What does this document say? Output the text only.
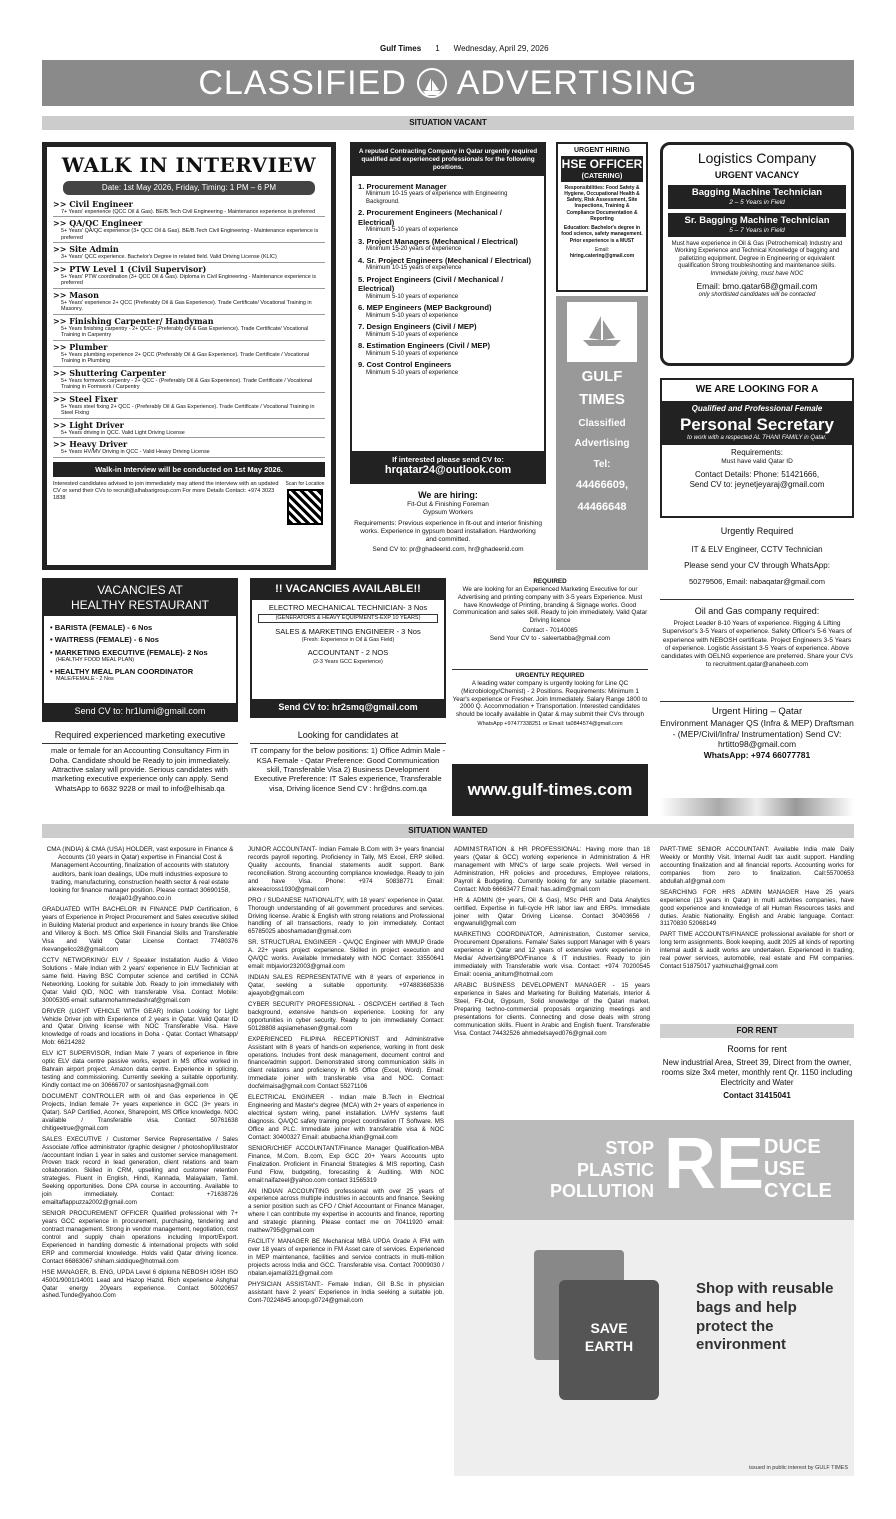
Gulf Times 1 Wednesday, April 29, 2026
CLASSIFIED ADVERTISING
SITUATION VACANT
WALK IN INTERVIEW
Date: 1st May 2026, Friday, Timing: 1 PM – 6 PM
>> Civil Engineer
7+ Years' experience (QCC Oil & Gas). BE/B.Tech Civil Engineering - Maintenance experience is preferred
>> QA/QC Engineer
5+ Years' QA/QC experience (3+ QCC Oil & Gas). BE/B.Tech Civil Engineering - Maintenance experience is preferred
>> Site Admin
3+ Years' QCC experience. Bachelor's Degree in related field. Valid Driving License (KLIC)
>> PTW Level 1 (Civil Supervisor)
5+ Years' PTW coordination (3+ QCC Oil & Gas). Diploma in Civil Engineering - Maintenance experience is preferred
>> Mason
5+ Years' experience 2+ QCC (Preferably Oil & Gas Experience). Trade Certificate/ Vocational Training in Masonry.
>> Finishing Carpenter/ Handyman
5+ Years finishing carpentry - 2+ QCC - (Preferably Oil & Gas Experience). Trade Certificate/ Vocational Training in Carpentry
>> Plumber
5+ Years plumbing experience 2+ QCC (Preferably Oil & Gas Experience). Trade Certificate / Vocational Training in Plumbing
>> Shuttering Carpenter
5+ Years formwork carpentry - 2+ QCC - (Preferably Oil & Gas Experience). Trade Certificate / Vocational Training in Formwork / Carpentry
>> Steel Fixer
5+ Years steel fixing 2+ QCC - (Preferably Oil & Gas Experience). Trade Certificate / Vocational Training in Steel Fixing
>> Light Driver
5+ Years driving in QCC. Valid Light Driving License
>> Heavy Driver
5+ Years HV/MV Driving in QCC - Valid Heavy Driving License
Walk-in Interview will be conducted on 1st May 2026.
Interested candidates advised to join immediately may attend the interview with an updated CV or send their CVs to recruit@alhabarigroup.com For more Details Contact: +974 3023 1838
Scan for Location
A reputed Contracting Company in Qatar urgently required qualified and experienced professionals for the following positions.
1. Procurement Manager
Minimum 10-15 years of experience with Engineering Background.
2. Procurement Engineers (Mechanical / Electrical)
Minimum 5-10 years of experience
3. Project Managers (Mechanical / Electrical)
Minimum 15-20 years of experience
4. Sr. Project Engineers (Mechanical / Electrical)
Minimum 10-15 years of experience
5. Project Engineers (Civil / Mechanical / Electrical)
Minimum 5-10 years of experience
6. MEP Engineers (MEP Background)
Minimum 5-10 years of experience
7. Design Engineers (Civil / MEP)
Minimum 5-10 years of experience
8. Estimation Engineers (Civil / MEP)
Minimum 5-10 years of experience
9. Cost Control Engineers
Minimum 5-10 years of experience
If interested please send CV to:
hrqatar24@outlook.com
We are hiring:
Fit-Out & Finishing Foreman
Gypsum Workers
Requirements: Previous experience in fit-out and interior finishing works. Experience in gypsum board installation. Hardworking and committed.
Send CV to: pr@ghadeerid.com, hr@ghadeerid.com
URGENT HIRING
HSE OFFICER
(CATERING)
Responsibilities: Food Safety & Hygiene, Occupational Health & Safety, Risk Assessment, Site Inspections, Training & Compliance Documentation & Reporting
Education: Bachelor's degree in food science, safety management. Prior experience is a MUST
Email:
hiring.catering@gmail.com
GULF
TIMES
Classified
Advertising
Tel:
44466609,
44466648
Logistics Company
URGENT VACANCY
Bagging Machine Technician
2 – 5 Years in Field
Sr. Bagging Machine Technician
5 – 7 Years in Field
Must have experience in Oil & Gas (Petrochemical) Industry and Working Experience and Technical Knowledge of bagging and palletizing equipment. Degree in Engineering or equivalent qualification Strong troubleshooting and maintenance skills.
Immediate joining, must have NOC
Email: bmo.qatar68@gmail.com
only shortlisted candidates will be contacted
WE ARE LOOKING FOR A
Qualified and Professional Female
Personal Secretary
to work with a respected AL THANI FAMILY in Qatar.
Requirements:
Must have valid Qatar ID
Contact Details: Phone: 51421666,
Send CV to: jeynetjeyaraj@gmail.com
Urgently Required
IT & ELV Engineer, CCTV Technician
Please send your CV through WhatsApp:
50279506, Email: nabaqatar@gmail.com
Oil and Gas company required:
Project Leader 8-10 Years of experience. Rigging & Lifting Supervisor's 3-5 Years of experience. Safety Officer's 5-6 Years of experience with NEBOSH certificate. Project Engineers 3-5 Years of experience. Logistic Assistant 3-5 Years of experience. Above candidates with OELNG experience are preferred. Share your CVs to recruitment.qatar@anaheeb.com
Urgent Hiring – Qatar
Environment Manager QS (Infra & MEP) Draftsman - (MEP/Civil/Infra/ Instrumentation) Send CV:
hrtitto98@gmail.com
WhatsApp: +974 66077781
VACANCIES AT
HEALTHY RESTAURANT
• BARISTA (FEMALE) - 6 Nos
• WAITRESS (FEMALE) - 6 Nos
• MARKETING EXECUTIVE (FEMALE)- 2 Nos
(HEALTHY FOOD MEAL PLAN)
• HEALTHY MEAL PLAN COORDINATOR
MALE/FEMALE - 2 Nos
Send CV to: hr1lumi@gmail.com
!! VACANCIES AVAILABLE!!
ELECTRO MECHANICAL TECHNICIAN- 3 Nos
(GENERATORS & HEAVY EQUIPMENTS-EXP 10 YEARS)
SALES & MARKETING ENGINEER - 3 Nos
(Fresh: Experience in Oil & Gas Field)
ACCOUNTANT - 2 NOS
(2-3 Years GCC Experience)
Send CV to: hr2smq@gmail.com
REQUIRED
We are looking for an Experienced Marketing Executive for our Advertising and printing company with 3-5 years Experience. Must have Knowledge of Printing, branding & Signage works. Good Communication and sales skill. Ready to join immediately. Valid Qatar Driving licence
Contact - 70140085
Send Your CV to - saleertabba@gmail.com
URGENTLY REQUIRED
A leading water company is urgently looking for Line QC (Microbiology/Chemist) - 2 Positions. Requirements: Minimum 1 Year's experience or Fresher. Join Immediately. Salary Range 1800 to 2000 Q. Accommodation + Transportation. Interested candidates should be locally available in Qatar & may submit their CVs through
WhatsApp +97477338251 or Email: ta0844574@gmail.com
www.gulf-times.com
Required experienced marketing executive
male or female for an Accounting Consultancy Firm in Doha. Candidate should be Ready to join immediately. Attractive salary will provide. Serious candidates with marketing executive experience only can apply. Send WhatsApp to 6632 9228 or mail to info@elhisab.qa
Looking for candidates at
IT company for the below positions: 1) Office Admin Male - KSA Female - Qatar Preference: Good Communication skill, Transferable Visa 2) Business Development Executive Preference: IT Sales experience, Transferable visa, Driving licence Send CV : hr@dns.com.qa
SITUATION WANTED

CMA (INDIA) & CMA (USA) HOLDER, vast exposure in Finance & Accounts (10 years in Qatar) expertise in Financial Cost & Management Accounting, finalization of accounts with statutory auditors, bank loan dealings, UDe multi industries exposure to trading, manufacturing, construction health sector & real estate looking for finance manager position. Please contact 30690158, rkraja01@yahoo.co.in

GRADUATED WITH BACHELOR IN FINANCE PMP Certification, 6 years of Experience in Project Procurement and Sales executive skilled in Building Material product and experience in luxury brands like Chloe and Villeroy & Boch. MS Office Skill Financial Skills and Transferable Visa and Valid Qatar License Contact 77480376 rkevangelico28@gmail.com

CCTV NETWORKING/ ELV / Speaker Installation Audio & Video Solutions - Male Indian with 2 years' experience in ELV Technician at same field. Having BSC Computer science and certified in CCNA Networking. Looking for suitable Job. Ready to join immediately with Qatar Valid QID, NOC with transferable Visa. Contact Mobile: 30005305 email: sultanmohammedashraf@gmail.com

DRIVER (LIGHT VEHICLE WITH GEAR) Indian Looking for Light Vehicle Driver job with Experience of 2 years in Qatar. Valid Qatar ID and Qatar Driving license with NOC Transferable Visa. Have knowledge of roads and locations in Doha - Qatar. Contact Whatsapp/ Mob: 66214282

ELV ICT SUPERVISOR, Indian Male 7 years of experience in fibre optic ELV data centre passive works, expert in MS office worked in Bahrain airport project. Amazon data centre. Experience in splicing, testing and commissioning. Currently seeking a suitable opportunity. Kindly contact me on 30666707 or santoshjasna@gmail.com

DOCUMENT CONTROLLER with oil and Gas experience in QE Projects, Indian female 7+ years experience in GCC (3+ years in Qatar). SAP Certified, Aconex, Sharepoint, MS Office knowledge. NOC available / Transferable visa. Contact 50761638 chitigeetrue@gmail.com

SALES EXECUTIVE / Customer Service Representative / Sales Associate /office administrator /graphic designer / photoshop/illustrator /accountant Indian 1 year in sales and customer service management. Proven track record in lead generation, client relations and team collaboration. Skilled in CRM, upselling and customer retention strategies. Fluent in English, Hindi, Kannada, Malayalam, Tamil. Seeking opportunities. Done CPA course in accounting. Available to join immediately. Contact: +71638726 emailtaffappuzza2002@gmail.com

SENIOR PROCUREMENT OFFICER Qualified professional with 7+ years GCC experience in procurement, purchasing, tendering and contract management. Strong in vendor management, negotiation, cost control and supply chain operations including Import/Export. Experienced in handling domestic & international projects with solid ERP and commercial knowledge. Holds valid Qatar driving licence. Contact 66863067 shiham.siddique@hotmail.com

HSE MANAGER, B. ENG, UPDA Level 6 diploma NEBOSH IOSH ISO 45001/9001/14001 Lead and Hazop Hazid. Rich experience Ashghal Qatar energy 20years experience. Contact 50020657 ashed.Tunde@yahoo.Com

JUNIOR ACCOUNTANT- Indian Female B.Com with 3+ years financial records payroll reporting. Proficiency in Tally, MS Excel, ERP skilled. Quality accounts, financial statements audit support. Bank reconciliation. Strong accounting compliance knowledge. Ready to join and have Visa. Phone: +974 50838771 Email: alexeacross1930@gmail.com

PRO / SUDANESE NATIONALITY, with 18 years' experience in Qatar. Thorough understanding of all government procedures and services. Driving license. Arabic & English with strong relations and Professional handling of all transactions, ready to join immediately. Contact 65785025 aboshamadan@gmail.com

SR. STRUCTURAL ENGINEER - QA/QC Engineer with MMUP Grade A. 22+ years project experience. Skilled in project execution and QA/QC works. Available Immediately with NOC Contact: 33550641 email: mbjavior232003@gmail.com

INDIAN SALES REPRESENTATIVE with 8 years of experience in Qatar, seeking a suitable opportunity. +974883685336 ajeayob@gmail.com

CYBER SECURITY PROFESSIONAL - OSCP/CEH certified 8 Tech background, extensive hands-on experience. Looking for any opportunities in cyber security. Ready to join immediately Contact: 50128808 aqsiamehasen@gmail.com

EXPERIENCED FILIPINA RECEPTIONIST and Administrative Assistant with 8 years of hands-on experience, working in front desk operations. Includes front desk management, document control and finance/admin support. Demonstrated strong communication skills in client relations and proficiency in MS Office (Excel, Word). Email: Immediate joiner with transferable visa and NOC. Contact: docfelmaisa@gmail.com Contact 55271106

ELECTRICAL ENGINEER - Indian male B.Tech in Electrical Engineering and Master's degree (MCA) with 2+ years of experience in electrical system wiring, panel installation. LV/HV systems fault diagnosis. QA/QC safety training project coordination IT Software. MS Office and PLC. Immediate joiner with transferable visa & NOC Contact: 30400327 Email: abubacha.khan@gmail.com

SENIOR/CHIEF ACCOUNTANT/Finance Manager Qualification-MBA Finance, M.Com, B.com, Exp GCC 20+ Years Accounts upto Finalization. Proficient in Financial Strategies & MIS reporting, Cash Fund Flow, budgeting, forecasting & Auditing. With NOC email:naifazeel@yahoo.com contact 31565319

AN INDIAN ACCOUNTING professional with over 25 years of experience across multiple industries in accounts and finance. Seeking a senior position such as CFO / Chief Accountant or Finance Manager, where I can contribute my expertise in accounts and finance, reporting and strategic planning. Please contact me on 70411920 email: mathew795@gmail.com

FACILITY MANAGER BE Mechanical MBA UPDA Grade A IFM with over 18 years of experience in FM Asset care of services. Experienced in MEP maintenance, facilities and service contracts in multi-million projects across India and GCC. Transferable visa. Contact 70009030 / nbalan.ejamali321@gmail.com

PHYSICIAN ASSISTANT:- Female Indian, GII B.Sc in physician assistant have 2 years' Experience in India seeking a suitable job. Cont-70224845 anoop.g0724@gmail.com

ADMINISTRATION & HR PROFESSIONAL: Having more than 18 years (Qatar & GCC) working experience in Administration & HR management with MNC's of large scale projects. Well versed in Administration, HR policies and procedures, Employee relations, Payroll & Budgeting. Currently looking for any suitable placement. Contact: Mob 66663477 Email: has.adim@gmail.com

HR & ADMIN (8+ years, Oil & Gas), MSc PHR and Data Analytics certified. Expertise in full-cycle HR labor law and ERPs. Immediate joiner with Qatar Driving License. Contact 30403656 / engwanull@gmail.com

MARKETING COORDINATOR, Administration, Customer service, Procurement Operations. Female/ Sales support Manager with 6 years experience in Qatar and 12 years of extensive work experience in Media/ Advertising/BPO/Finance & IT industries. Ready to join immediately with Transferable work visa. Contact: +974 70200545 Email: ocenia_anitum@hotmail.com

ARABIC BUSINESS DEVELOPMENT MANAGER - 15 years experience in Sales and Marketing for Building Materials, Interior & Steel, Fit-Out, Gypsum, Solid knowledge of the Qatari market. Preparing techno-commercial proposals organizing meetings and presentations for clients. Connecting and close deals with strong communication skills. Fluent in Arabic and English fluent. Transferable Visa. Contact 74432526 ahmedelsayed076@gmail.com

PART-TIME SENIOR ACCOUNTANT: Available India male Daily Weekly or Monthly Visit. Internal Audit tax audit support. Handling accounting finalization and all financial reports. Accounting works for companies from zero to finalization. Call:55700653 abdullah.af@gmail.com

SEARCHING FOR HRS ADMIN MANAGER Have 25 years experience (13 years in Qatar) in multi activities companies, have good experience and knowledge of all Human Resources tasks and duties. Arabic Nationality. English and Arabic language. Contact: 31170830 52068149

PART TIME ACCOUNTS/FINANCE professional available for short or long term assignments. Book keeping, audit 2025 all kinds of reporting internal audit & audit works are undertaken. Experienced in trading, real power services, automobile, real estate and FM companies. Contact 51875017 yazhkuzhal@gmail.com

FOR RENT
Rooms for rent
New industrial Area, Street 39, Direct from the owner, rooms size 3x4 meter, monthly rent Qr. 1150 including Electricity and Water
Contact 31415041
STOP
PLASTIC
POLLUTION RE DUCE
USE
CYCLE
SAVE
EARTH
Shop with reusable bags and help protect the environment
issued in public interest by GULF TIMES
